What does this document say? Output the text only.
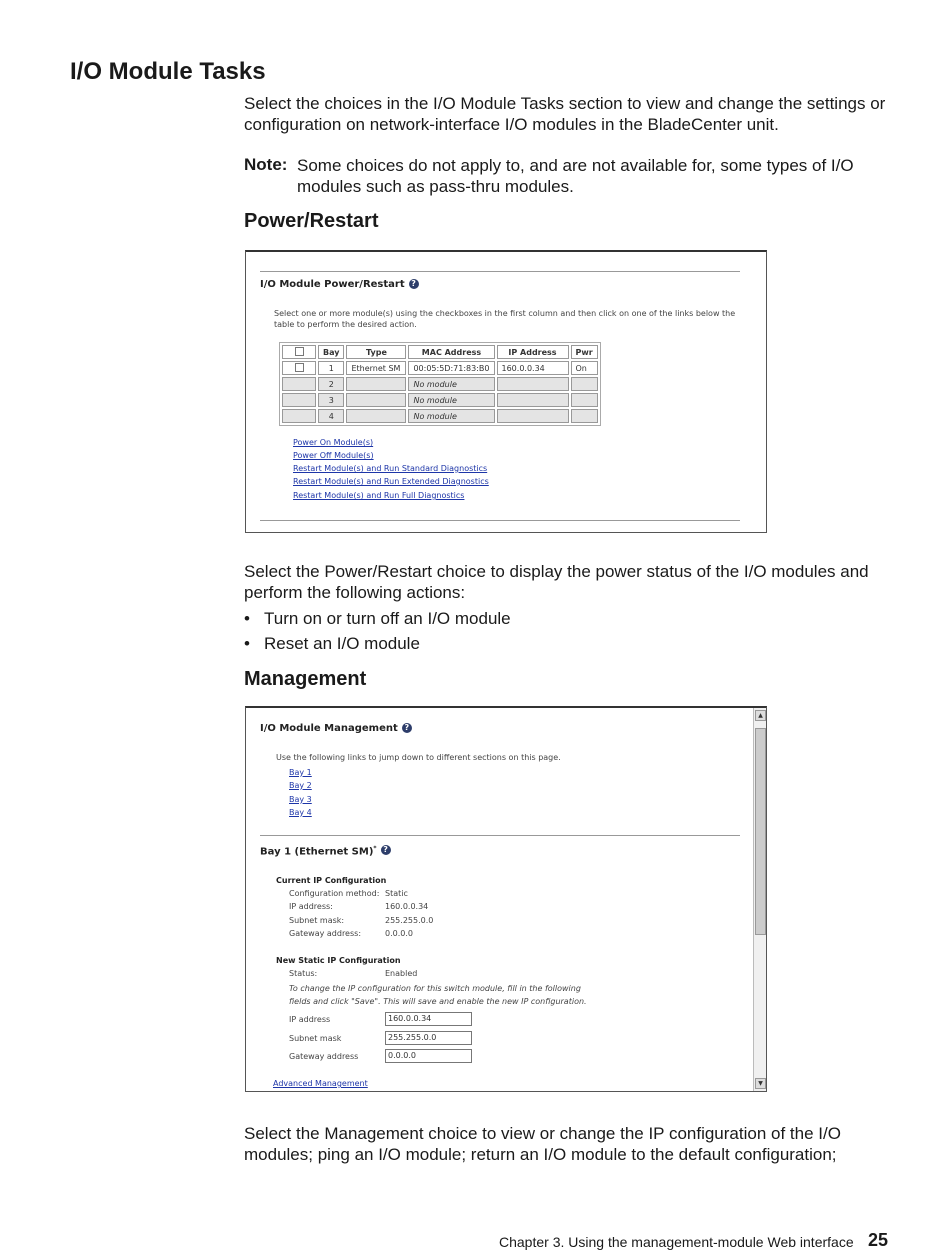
I/O Module Tasks

Select the choices in the I/O Module Tasks section to view and change the settings or configuration on network-interface I/O modules in the BladeCenter unit.

Note: Some choices do not apply to, and are not available for, some types of I/O modules such as pass-thru modules.
Power/Restart
I/O Module Power/Restart ?
Select one or more module(s) using the checkboxes in the first column and then click on one of the links below the table to perform the desired action.
	Bay	Type	MAC Address	IP Address	Pwr
	1	Ethernet SM	00:05:5D:71:83:B0	160.0.0.34	On
	2		No module		
	3		No module		
	4		No module		
Power On Module(s)
Power Off Module(s)
Restart Module(s) and Run Standard Diagnostics
Restart Module(s) and Run Extended Diagnostics
Restart Module(s) and Run Full Diagnostics

Select the Power/Restart choice to display the power status of the I/O modules and perform the following actions:

• Turn on or turn off an I/O module
• Reset an I/O module
Management
▲
▼
I/O Module Management ?
Use the following links to jump down to different sections on this page.
Bay 1
Bay 2
Bay 3
Bay 4
Bay 1 (Ethernet SM)* ?
Current IP Configuration
Configuration method: Static
IP address:	160.0.0.34
Subnet mask:	255.255.0.0
Gateway address:	0.0.0.0
New Static IP Configuration
Status:	Enabled
To change the IP configuration for this switch module, fill in the following
fields and click "Save". This will save and enable the new IP configuration.
IP address	160.0.0.34
Subnet mask	255.255.0.0
Gateway address	0.0.0.0
Advanced Management

Select the Management choice to view or change the IP configuration of the I/O modules; ping an I/O module; return an I/O module to the default configuration;

Chapter 3. Using the management-module Web interface 25
